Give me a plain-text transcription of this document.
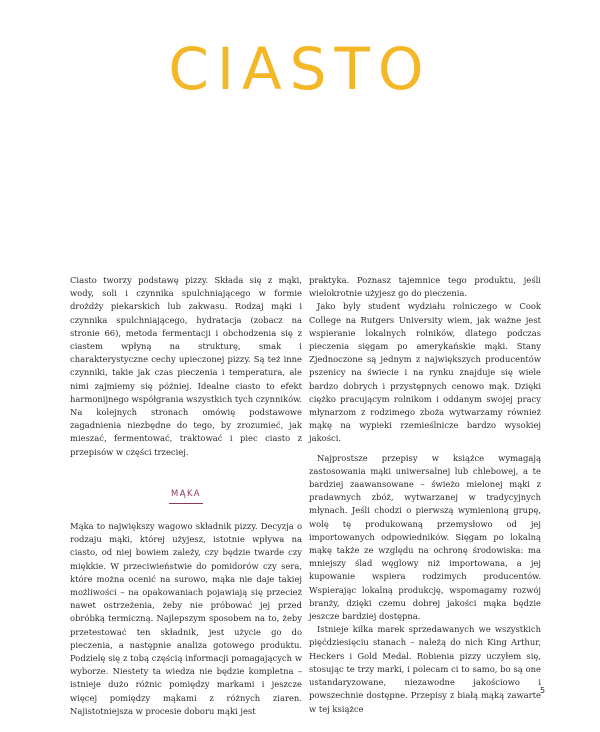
CIASTO

Ciasto tworzy podstawę pizzy. Składa się z mąki, wody, soli i czynnika spulchniającego w formie drożdży piekarskich lub zakwasu. Rodzaj mąki i czynnika spulchniającego, hydratacja (zobacz na stronie 66), metoda fermentacji i obchodzenia się z ciastem wpłyną na strukturę, smak i charakterystyczne cechy upieczonej pizzy. Są też inne czynniki, takie jak czas pieczenia i temperatura, ale nimi zajmiemy się później. Idealne ciasto to efekt harmonijnego współgrania wszystkich tych czynników. Na kolejnych stronach omówię podstawowe zagadnienia niezbędne do tego, by zrozumieć, jak mieszać, fermentować, traktować i piec ciasto z przepisów w części trzeciej.

MĄKA

Mąka to największy wagowo składnik pizzy. Decyzja o rodzaju mąki, której użyjesz, istotnie wpływa na ciasto, od niej bowiem zależy, czy będzie twarde czy miękkie. W przeciwieństwie do pomidorów czy sera, które można ocenić na surowo, mąka nie daje takiej możliwości – na opakowaniach pojawiają się przecież nawet ostrzeżenia, żeby nie próbować jej przed obróbką termiczną. Najlepszym sposobem na to, żeby przetestować ten składnik, jest użycie go do pieczenia, a następnie analiza gotowego produktu. Podzielę się z tobą częścią informacji pomagających w wyborze. Niestety ta wiedza nie będzie kompletna – istnieje dużo różnic pomiędzy markami i jeszcze więcej pomiędzy mąkami z różnych ziaren. Najistotniejsza w procesie doboru mąki jest

praktyka. Poznasz tajemnice tego produktu, jeśli wielokrotnie użyjesz go do pieczenia.

Jako byly student wydziału rolniczego w Cook College na Rutgers University wiem, jak ważne jest wspieranie lokalnych rolników, dlatego podczas pieczenia sięgam po amerykańskie mąki. Stany Zjednoczone są jednym z największych producentów pszenicy na świecie i na rynku znajduje się wiele bardzo dobrych i przystępnych cenowo mąk. Dzięki ciężko pracującym rolnikom i oddanym swojej pracy młynarzom z rodzimego zboża wytwarzamy również mąkę na wypieki rzemieślnicze bardzo wysokiej jakości.

Najprostsze przepisy w książce wymagają zastosowania mąki uniwersalnej lub chlebowej, a te bardziej zaawansowane – świeżo mielonej mąki z pradawnych zbóż, wytwarzanej w tradycyjnych młynach. Jeśli chodzi o pierwszą wymienioną grupę, wolę tę produkowaną przemysłowo od jej importowanych odpowiedników. Sięgam po lokalną mąkę także ze względu na ochronę środowiska: ma mniejszy ślad węglowy niż importowana, a jej kupowanie wspiera rodzimych producentów. Wspierając lokalną produkcję, wspomagamy rozwój branży, dzięki czemu dobrej jakości mąka będzie jeszcze bardziej dostępna.

Istnieje kilka marek sprzedawanych we wszystkich pięćdziesięciu stanach – należą do nich King Arthur, Heckers i Gold Medal. Robienia pizzy uczyłem się, stosując te trzy marki, i polecam ci to samo, bo są one ustandaryzowane, niezawodne jakościowo i powszechnie dostępne. Przepisy z białą mąką zawarte w tej książce

5
